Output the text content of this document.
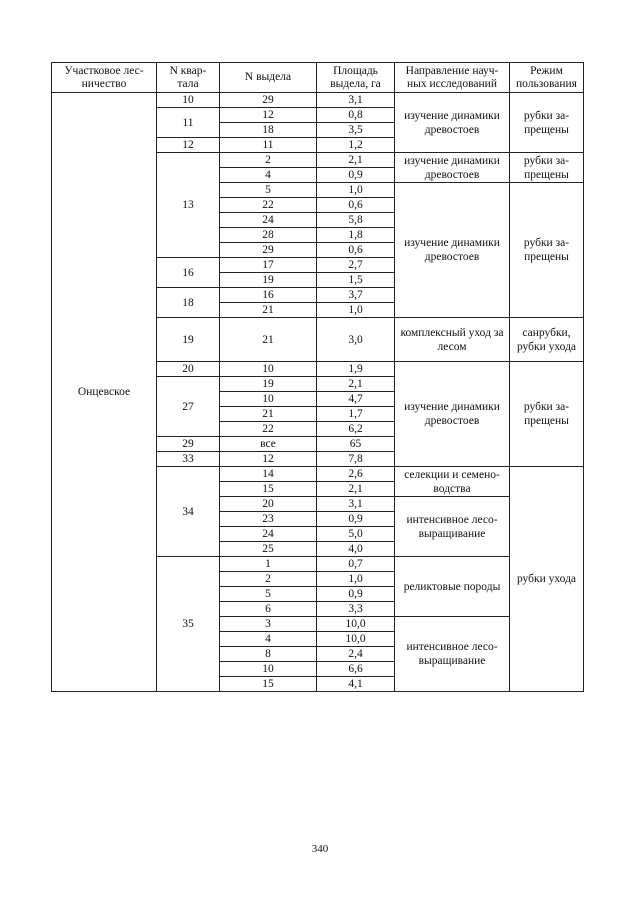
Участковое лес- ничество	N квар- тала	N выдела	Площадь выдела, га	Направление науч- ных исследований	Режим пользования
Онцевское	10	29	3,1	изучение динамики древостоев	рубки за- прещены
	11	12	0,8		
		18	3,5		
	12	11	1,2		
	13	2	2,1	изучение динамики древостоев	рубки за- прещены
		4	0,9		
		5	1,0	изучение динамики древостоев	рубки за- прещены
		22	0,6		
		24	5,8		
		28	1,8		
		29	0,6		
	16	17	2,7		
		19	1,5		
	18	16	3,7		
		21	1,0		
	19	21	3,0	комплексный уход за лесом	санрубки, рубки ухода
	20	10	1,9	изучение динамики древостоев	рубки за- прещены
	27	19	2,1		
		10	4,7		
		21	1,7		
		22	6,2		
	29	все	65		
	33	12	7,8		
	34	14	2,6	селекции и семено- водства	рубки ухода
		15	2,1		
		20	3,1	интенсивное лесо- выращивание	
		23	0,9		
		24	5,0		
		25	4,0		
	35	1	0,7	реликтовые породы	
		2	1,0		
		5	0,9		
		6	3,3		
		3	10,0	интенсивное лесо- выращивание	
		4	10,0		
		8	2,4		
		10	6,6		
		15	4,1		
340
